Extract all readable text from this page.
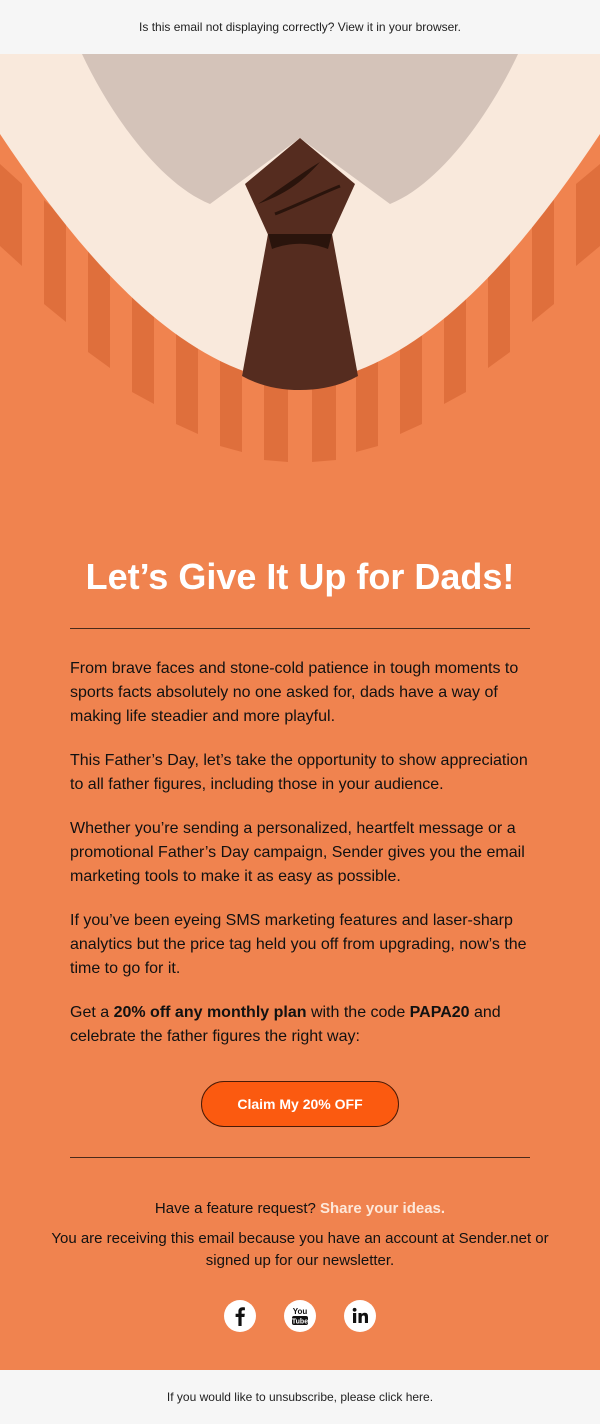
Is this email not displaying correctly? View it in your browser.
Let’s Give It Up for Dads!

From brave faces and stone-cold patience in tough moments to sports facts absolutely no one asked for, dads have a way of making life steadier and more playful.

This Father’s Day, let’s take the opportunity to show appreciation to all father figures, including those in your audience.

Whether you’re sending a personalized, heartfelt message or a promotional Father’s Day campaign, Sender gives you the email marketing tools to make it as easy as possible.

If you’ve been eyeing SMS marketing features and laser-sharp analytics but the price tag held you off from upgrading, now’s the time to go for it.

Get a 20% off any monthly plan with the code PAPA20 and celebrate the father figures the right way:

Claim My 20% OFF

Have a feature request? Share your ideas.

You are receiving this email because you have an account at Sender.net or signed up for our newsletter.

You
Tube
If you would like to unsubscribe, please click here.
